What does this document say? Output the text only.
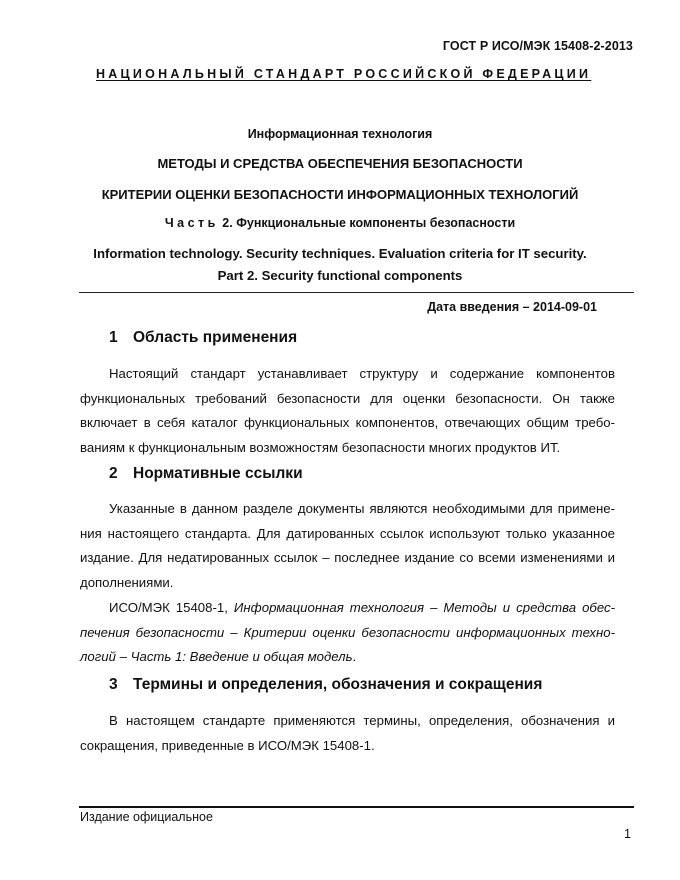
ГОСТ Р ИСО/МЭК 15408-2-2013
НАЦИОНАЛЬНЫЙ СТАНДАРТ РОССИЙСКОЙ ФЕДЕРАЦИИ
Информационная технология
МЕТОДЫ И СРЕДСТВА ОБЕСПЕЧЕНИЯ БЕЗОПАСНОСТИ
КРИТЕРИИ ОЦЕНКИ БЕЗОПАСНОСТИ ИНФОРМАЦИОННЫХ ТЕХНОЛОГИЙ
Часть 2. Функциональные компоненты безопасности
Information technology. Security techniques. Evaluation criteria for IT security.
Part 2. Security functional components
Дата введения – 2014-09-01
1 Область применения
Настоящий стандарт устанавливает структуру и содержание компонентов
функциональных требований безопасности для оценки безопасности. Он также
включает в себя каталог функциональных компонентов, отвечающих общим требо-
ваниям к функциональным возможностям безопасности многих продуктов ИТ.
2 Нормативные ссылки
Указанные в данном разделе документы являются необходимыми для примене-
ния настоящего стандарта. Для датированных ссылок используют только указанное
издание. Для недатированных ссылок – последнее издание со всеми изменениями и
дополнениями.
ИСО/МЭК 15408-1, Информационная технология – Методы и средства обес-
печения безопасности – Критерии оценки безопасности информационных техно-
логий – Часть 1: Введение и общая модель.
3 Термины и определения, обозначения и сокращения
В настоящем стандарте применяются термины, определения, обозначения и
сокращения, приведенные в ИСО/МЭК 15408-1.
Издание официальное
1
